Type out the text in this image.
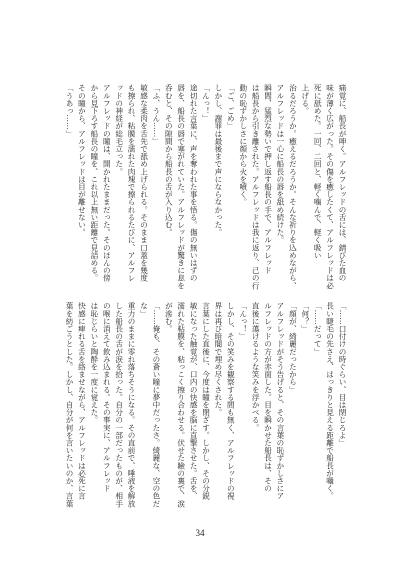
痛覚に、船長が呻く。アルフレッドの舌には、錆びた血の
味が薄く広がった。その傷を癒したくて、アルフレッドは必
死に舐めた。一回、二回と、軽く噛んで、軽く吸い
上げる。
治るだろうか。癒えるだろうか。そんな祈りを込めながら、
アルフレッドは一心に船長の唇を舐め続けた。
瞬間、猛烈な勢いで押し返す船長の手で、アルフレッド
は船長から引き離された。アルフレッドは我に返り、己の行
動の恥ずかしさに顔から火を噴く。
「ご、ごめ」
しかし、謝罪は最後まで声にならなかった。
「んっ！」
途切れた言葉に、声を奪われた事を悟る。傷の無いはずの
唇を、船長の唇で塞がれていた。アルフレッドが驚きに息を
呑むと、その隙間から船長の舌が入り込む。
「ふ、うん……」
敏感な柔肉を舌先で舐め上げられる。そのまま口蓋を幾度
も擦られ、粘膜を濡れた肉塊で擦られるたびに、アルフレ
ッドの神経が総毛立った。
アルフレッドの瞳は、開かれたままだった。そのほんの傍
から見下ろす船長の瞳を、これ以上無い距離で見詰める。
その瞳から、アルフレッドは目が離せない。
「うあっ……」
「……口付けの時ぐらい、目は閉じろよ」
長い睫毛の先さえ、はっきりと見える距離で船長が囁く。
「……だって」
「何？」
「顔が、綺麗だったから」
アルフレッドがそう告げると、その言葉の恥ずかしさにア
ルフレッドの方が赤面した。目を瞬かせた船長は、その
直後に蕩けるような笑みを浮かべる。
「んっ！」
しかし、その笑みを観察する間も無く、アルフレッドの視
界は再び暗闇で埋め尽くされた。
言葉にした直後に、今度は瞳を閉ざす。しかし、その分鋭
敏になった触覚が、口内の快感を脳に直撃させた。舌を、
濡れた粘膜を、粘っこく擦り合わせる。伏せた瞼の裏で、涙
が滲む。
「……俺も、その蒼い瞳に夢中だったさ。綺麗な、空の色だ
な」
重力のままに零れ落ちそうになる。その直前で、唾液を解放
した船長の舌が涙を拾った。自分の一部だったものが、相手
の喉に消えて飲み込まれる。その事実に、アルフレッド
は恥じらいと陶酔を一度に覚えた。
快感に痺れる舌を絡ませながら、アルフレッドは必死に言
葉を紡ごうとした。しかし、自分が何を言いたいのか、言葉
34
